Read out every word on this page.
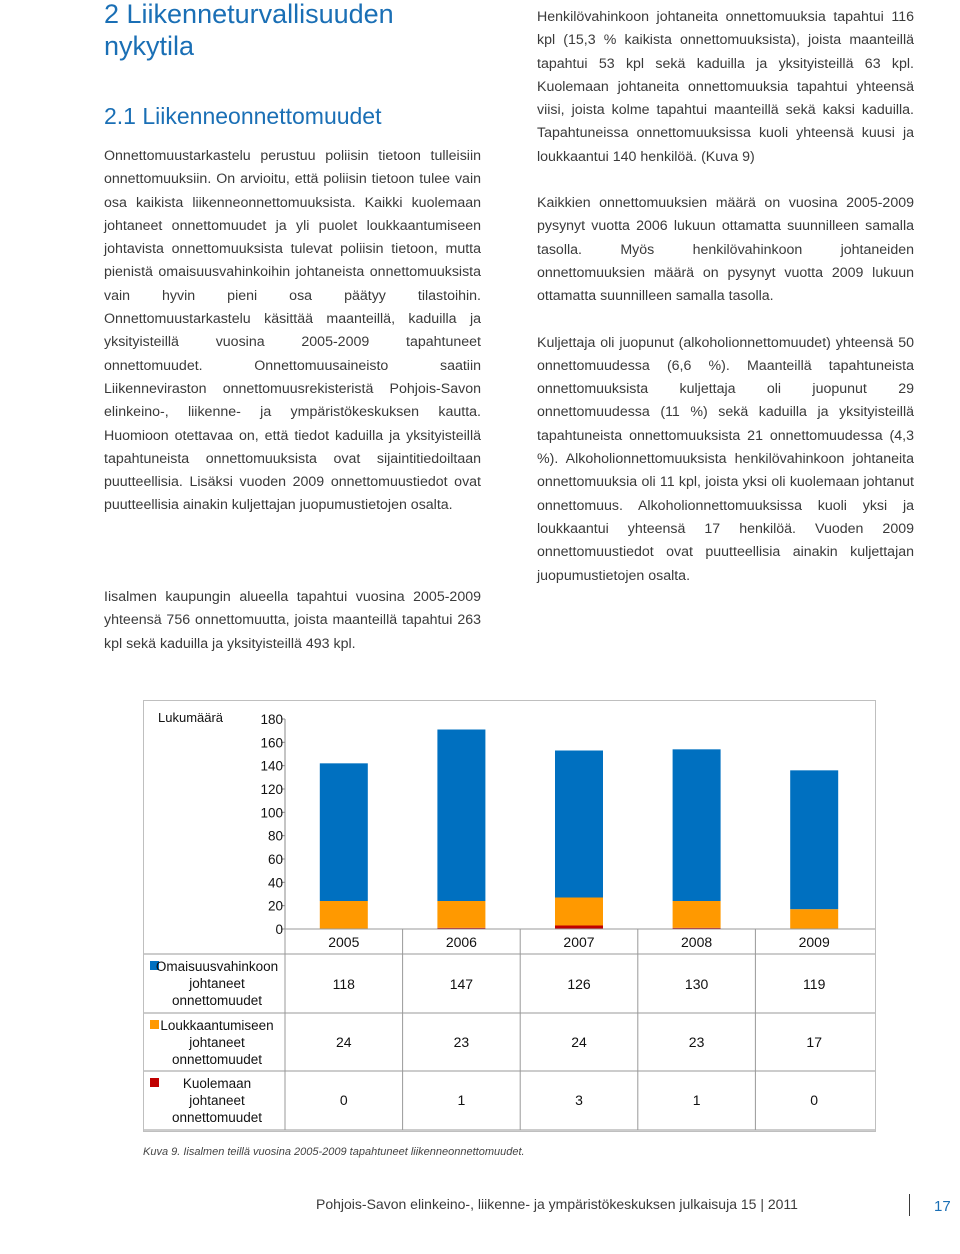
2 Liikenneturvallisuuden nykytila
2.1 Liikenneonnettomuudet

Onnettomuustarkastelu perustuu poliisin tietoon tulleisiin onnettomuuksiin. On arvioitu, että poliisin tietoon tulee vain osa kaikista liikenneonnettomuuksista. Kaikki kuolemaan johtaneet onnettomuudet ja yli puolet loukkaantumiseen johtavista onnettomuuksista tulevat poliisin tietoon, mutta pienistä omaisuusvahinkoihin johtaneista onnettomuuksista vain hyvin pieni osa päätyy tilastoihin. Onnettomuustarkastelu käsittää maanteillä, kaduilla ja yksityisteillä vuosina 2005-2009 tapahtuneet onnettomuudet. Onnettomuusaineisto saatiin Liikenneviraston onnettomuusrekisteristä Pohjois-Savon elinkeino-, liikenne- ja ympäristökeskuksen kautta. Huomioon otettavaa on, että tiedot kaduilla ja yksityisteillä tapahtuneista onnettomuuksista ovat sijaintitiedoiltaan puutteellisia. Lisäksi vuoden 2009 onnettomuustiedot ovat puutteellisia ainakin kuljettajan juopumustietojen osalta.

Iisalmen kaupungin alueella tapahtui vuosina 2005-2009 yhteensä 756 onnettomuutta, joista maanteillä tapahtui 263 kpl sekä kaduilla ja yksityisteillä 493 kpl.

Henkilövahinkoon johtaneita onnettomuuksia tapahtui 116 kpl (15,3 % kaikista onnettomuuksista), joista maanteillä tapahtui 53 kpl sekä kaduilla ja yksityisteillä 63 kpl. Kuolemaan johtaneita onnettomuuksia tapahtui yhteensä viisi, joista kolme tapahtui maanteillä sekä kaksi kaduilla. Tapahtuneissa onnettomuuksissa kuoli yhteensä kuusi ja loukkaantui 140 henkilöä. (Kuva 9)

Kaikkien onnettomuuksien määrä on vuosina 2005-2009 pysynyt vuotta 2006 lukuun ottamatta suunnilleen samalla tasolla. Myös henkilövahinkoon johtaneiden onnettomuuksien määrä on pysynyt vuotta 2009 lukuun ottamatta suunnilleen samalla tasolla.

Kuljettaja oli juopunut (alkoholionnettomuudet) yhteensä 50 onnettomuudessa (6,6 %). Maanteillä tapahtuneista onnettomuuksista kuljettaja oli juopunut 29 onnettomuudessa (11 %) sekä kaduilla ja yksityisteillä tapahtuneista onnettomuuksista 21 onnettomuudessa (4,3 %). Alkoholionnettomuuksista henkilövahinkoon johtaneita onnettomuuksia oli 11 kpl, joista yksi oli kuolemaan johtanut onnettomuus. Alkoholionnettomuuksissa kuoli yksi ja loukkaantui yhteensä 17 henkilöä. Vuoden 2009 onnettomuustiedot ovat puutteellisia ainakin kuljettajan juopumustietojen osalta.

Lukumäärä	180
160
140
120
100
80
60
40
20
0
2005	2006	2007	2008	2009
Omaisuusvahinkoon
johtaneet
onnettomuudet
118	147	126	130	119
Loukkaantumiseen
johtaneet
onnettomuudet
24	23	24	23	17
Kuolemaan
johtaneet
onnettomuudet
0	1	3	1	0
Kuva 9. Iisalmen teillä vuosina 2005-2009 tapahtuneet liikenneonnettomuudet.
Pohjois-Savon elinkeino-, liikenne- ja ympäristökeskuksen julkaisuja 15 | 2011	17
